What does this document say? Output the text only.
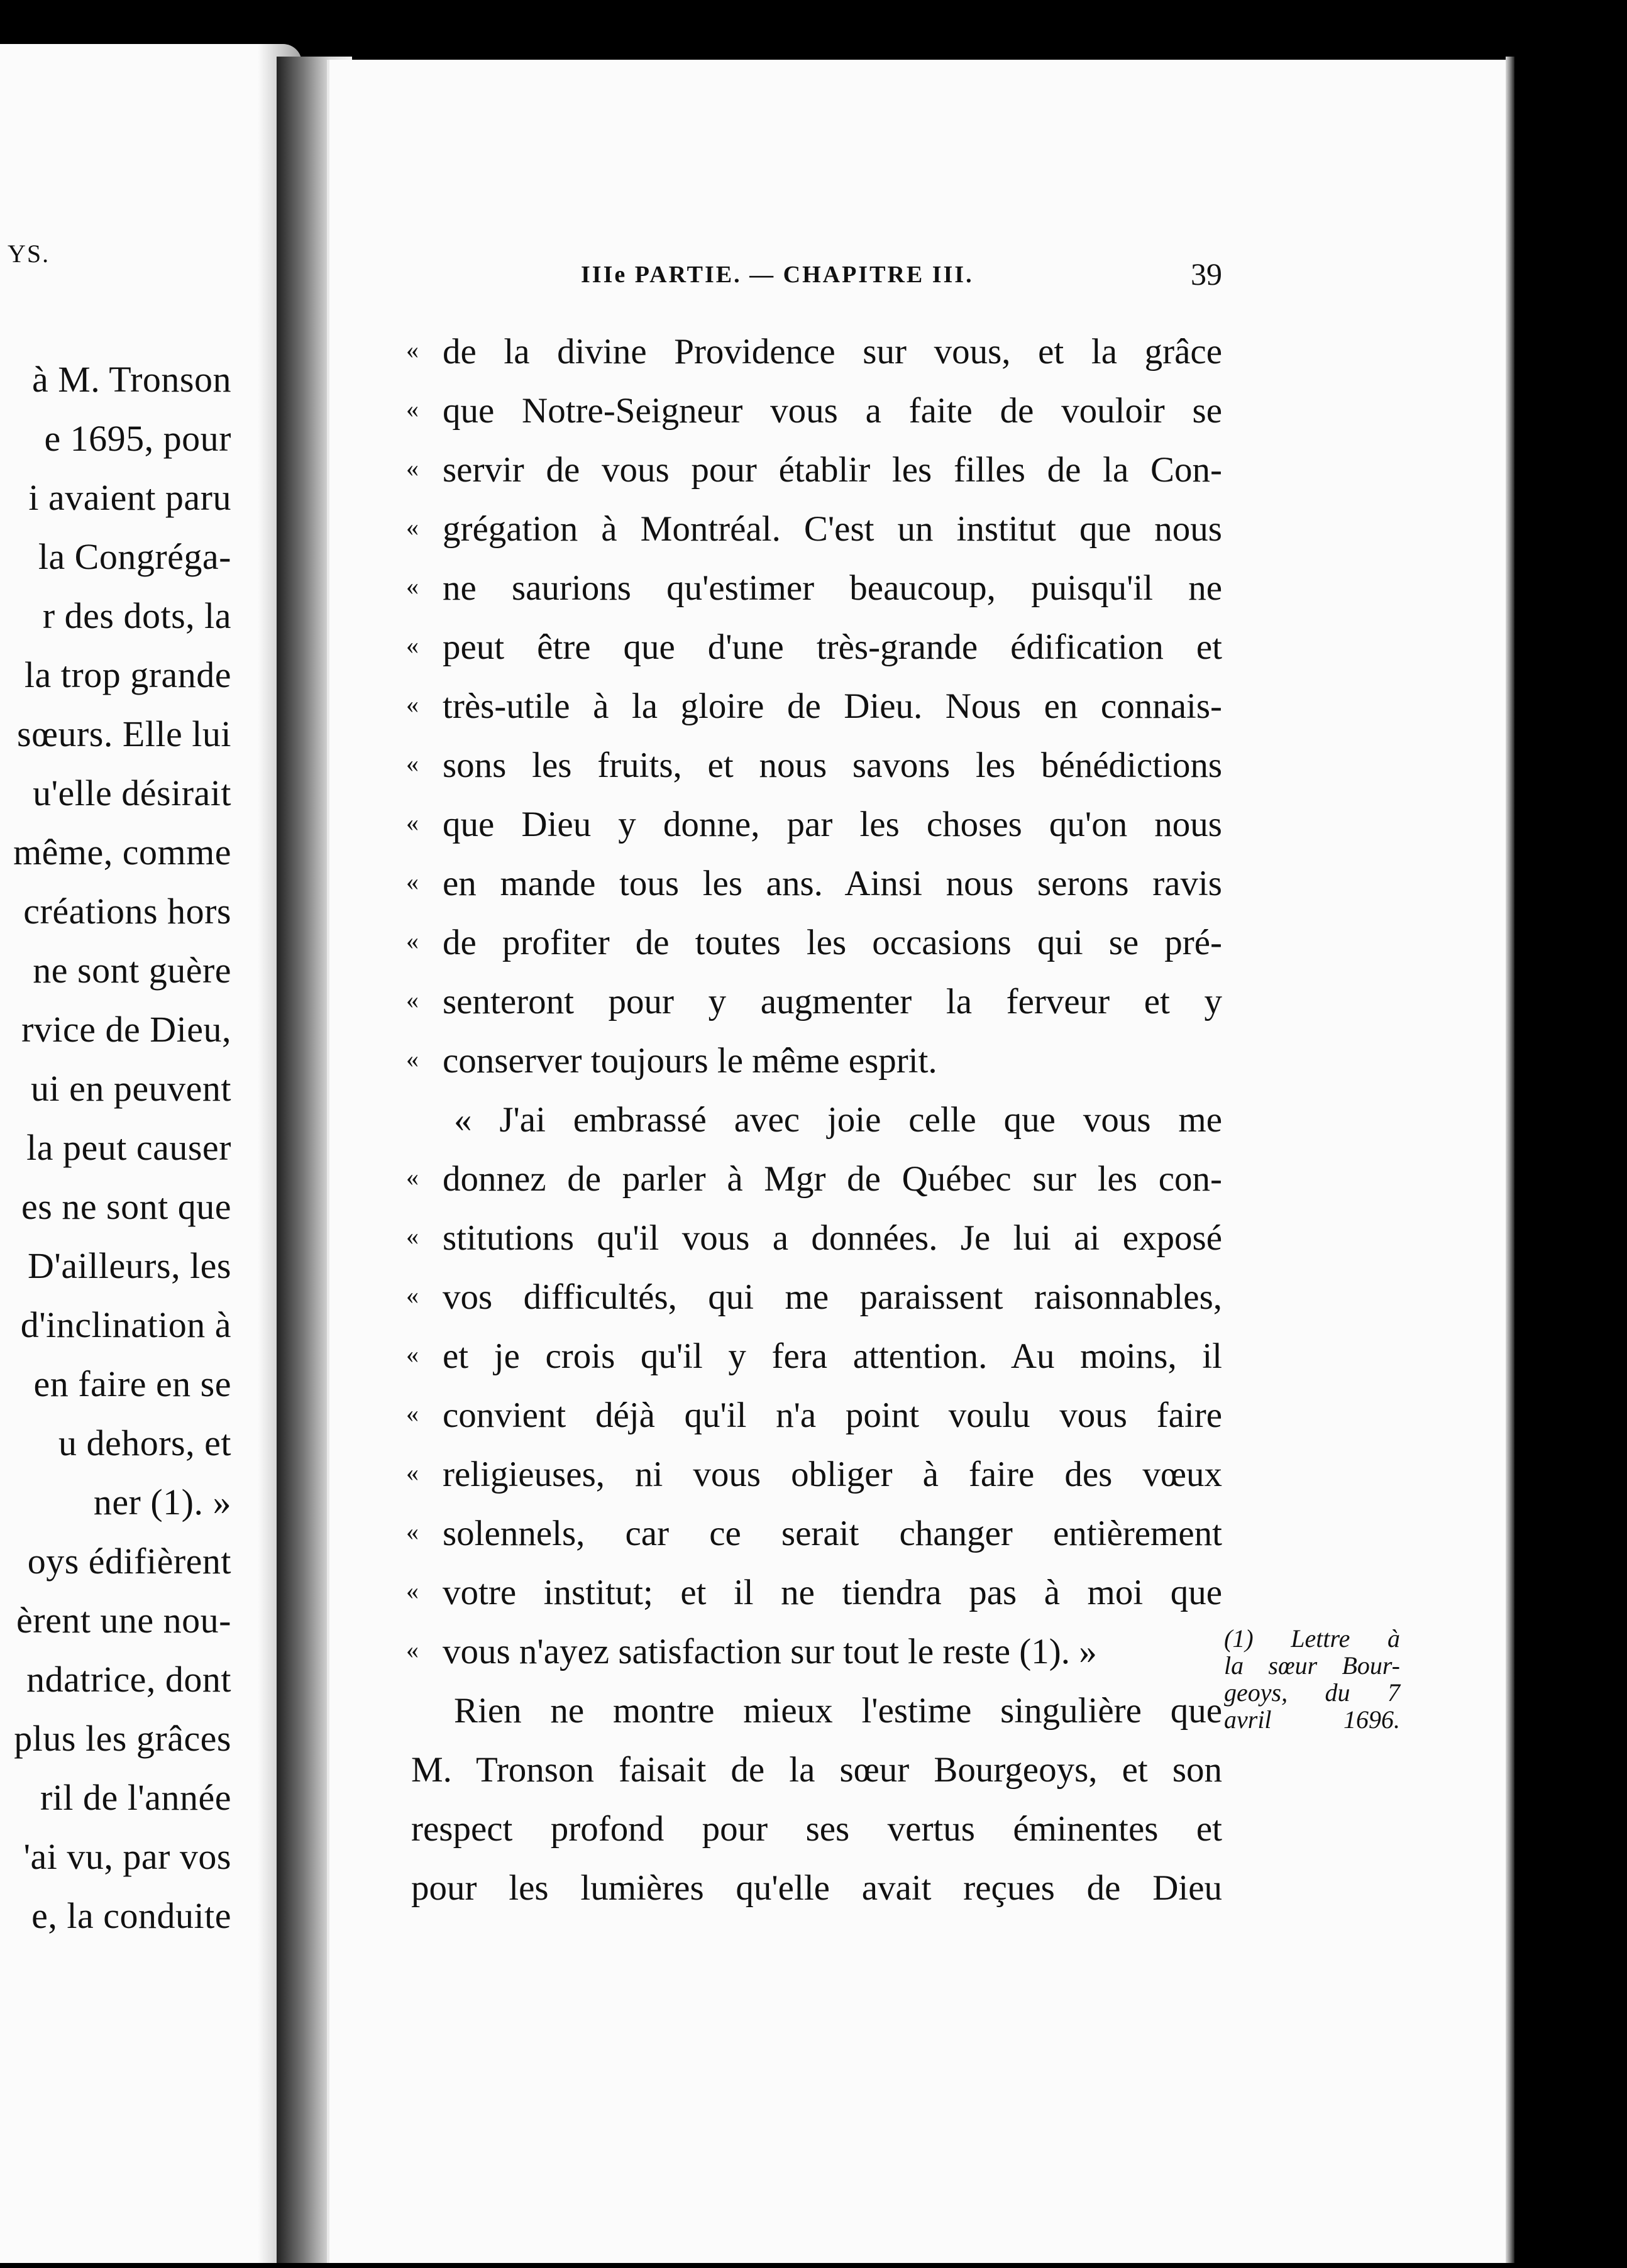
YS.
à M. Tronson
e 1695, pour
i avaient paru
la Congréga-
r des dots, la
la trop grande
sœurs. Elle lui
u'elle désirait
même, comme
créations hors
ne sont guère
rvice de Dieu,
ui en peuvent
la peut causer
es ne sont que
D'ailleurs, les
d'inclination à
en faire en se
u dehors, et
ner (1). »
oys édifièrent
èrent une nou-
ndatrice, dont
plus les grâces
ril de l'année
'ai vu, par vos
e, la conduite
IIIe PARTIE. — CHAPITRE III.	39
«
«
«
«
«
«
«
«
«
«
«
«
«
«
«
«
«
«
«
«
«
«
de la divine Providence sur vous, et la grâce
que Notre-Seigneur vous a faite de vouloir se
servir de vous pour établir les filles de la Con-
grégation à Montréal. C'est un institut que nous
ne saurions qu'estimer beaucoup, puisqu'il ne
peut être que d'une très-grande édification et
très-utile à la gloire de Dieu. Nous en connais-
sons les fruits, et nous savons les bénédictions
que Dieu y donne, par les choses qu'on nous
en mande tous les ans. Ainsi nous serons ravis
de profiter de toutes les occasions qui se pré-
senteront pour y augmenter la ferveur et y
conserver toujours le même esprit.
« J'ai embrassé avec joie celle que vous me
donnez de parler à Mgr de Québec sur les con-
stitutions qu'il vous a données. Je lui ai exposé
vos difficultés, qui me paraissent raisonnables,
et je crois qu'il y fera attention. Au moins, il
convient déjà qu'il n'a point voulu vous faire
religieuses, ni vous obliger à faire des vœux
solennels, car ce serait changer entièrement
votre institut; et il ne tiendra pas à moi que
vous n'ayez satisfaction sur tout le reste (1). »
Rien ne montre mieux l'estime singulière que
M. Tronson faisait de la sœur Bourgeoys, et son
respect profond pour ses vertus éminentes et
pour les lumières qu'elle avait reçues de Dieu
(1) Lettre à
la sœur Bour-
geoys, du 7
avril 1696.
